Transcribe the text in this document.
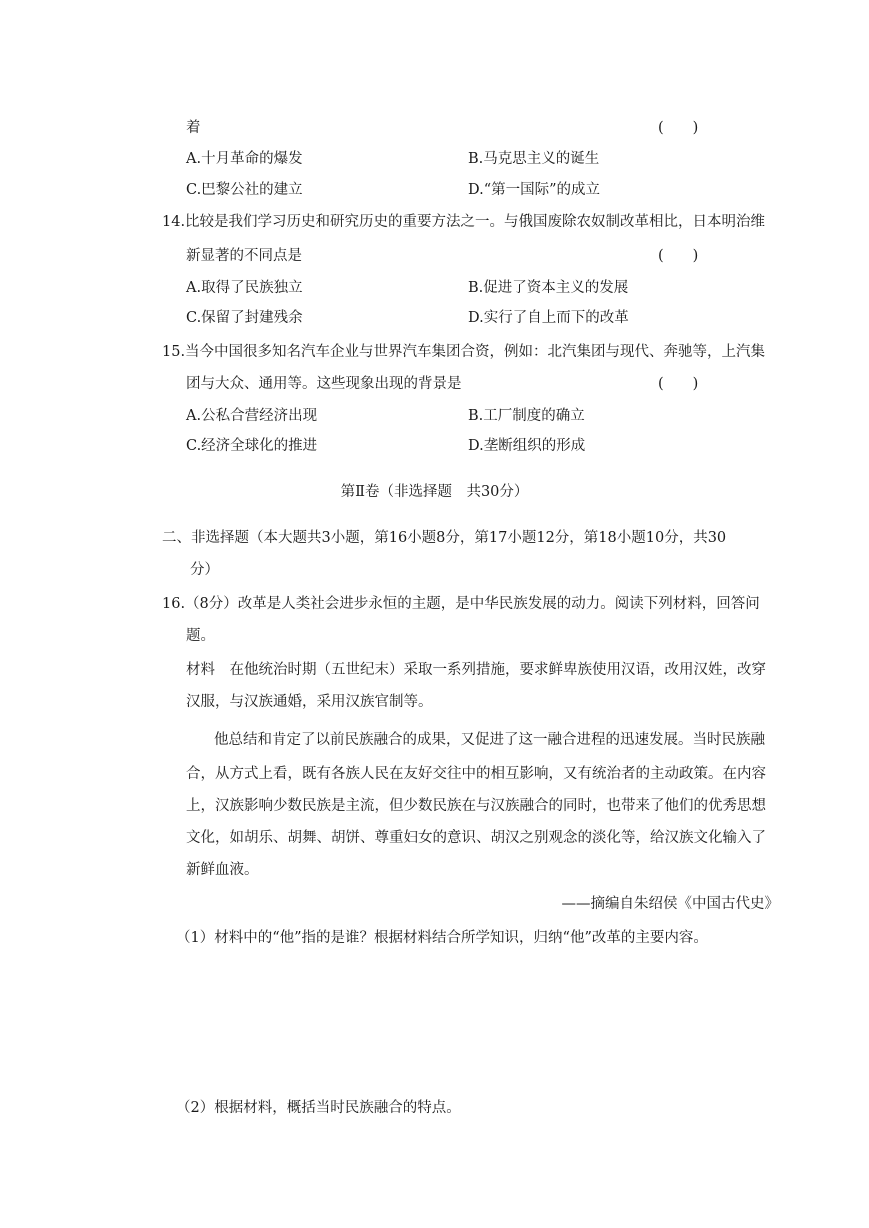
着	(　　)
A.十月革命的爆发	B.马克思主义的诞生
C.巴黎公社的建立	D.“第一国际”的成立
14.比较是我们学习历史和研究历史的重要方法之一。与俄国废除农奴制改革相比，日本明治维
新显著的不同点是	(　　)
A.取得了民族独立	B.促进了资本主义的发展
C.保留了封建残余	D.实行了自上而下的改革
15.当今中国很多知名汽车企业与世界汽车集团合资，例如：北汽集团与现代、奔驰等，上汽集
团与大众、通用等。这些现象出现的背景是	(　　)
A.公私合营经济出现	B.工厂制度的确立
C.经济全球化的推进	D.垄断组织的形成
第Ⅱ卷（非选择题　共30分）
二、非选择题（本大题共3小题，第16小题8分，第17小题12分，第18小题10分，共30
分）
16.（8分）改革是人类社会进步永恒的主题，是中华民族发展的动力。阅读下列材料，回答问
题。
材料　在他统治时期（五世纪末）采取一系列措施，要求鲜卑族使用汉语，改用汉姓，改穿
汉服，与汉族通婚，采用汉族官制等。
他总结和肯定了以前民族融合的成果，又促进了这一融合进程的迅速发展。当时民族融
合，从方式上看，既有各族人民在友好交往中的相互影响，又有统治者的主动政策。在内容
上，汉族影响少数民族是主流，但少数民族在与汉族融合的同时，也带来了他们的优秀思想
文化，如胡乐、胡舞、胡饼、尊重妇女的意识、胡汉之别观念的淡化等，给汉族文化输入了
新鲜血液。
——摘编自朱绍侯《中国古代史》
（1）材料中的“他”指的是谁？根据材料结合所学知识，归纳“他”改革的主要内容。
（2）根据材料，概括当时民族融合的特点。
